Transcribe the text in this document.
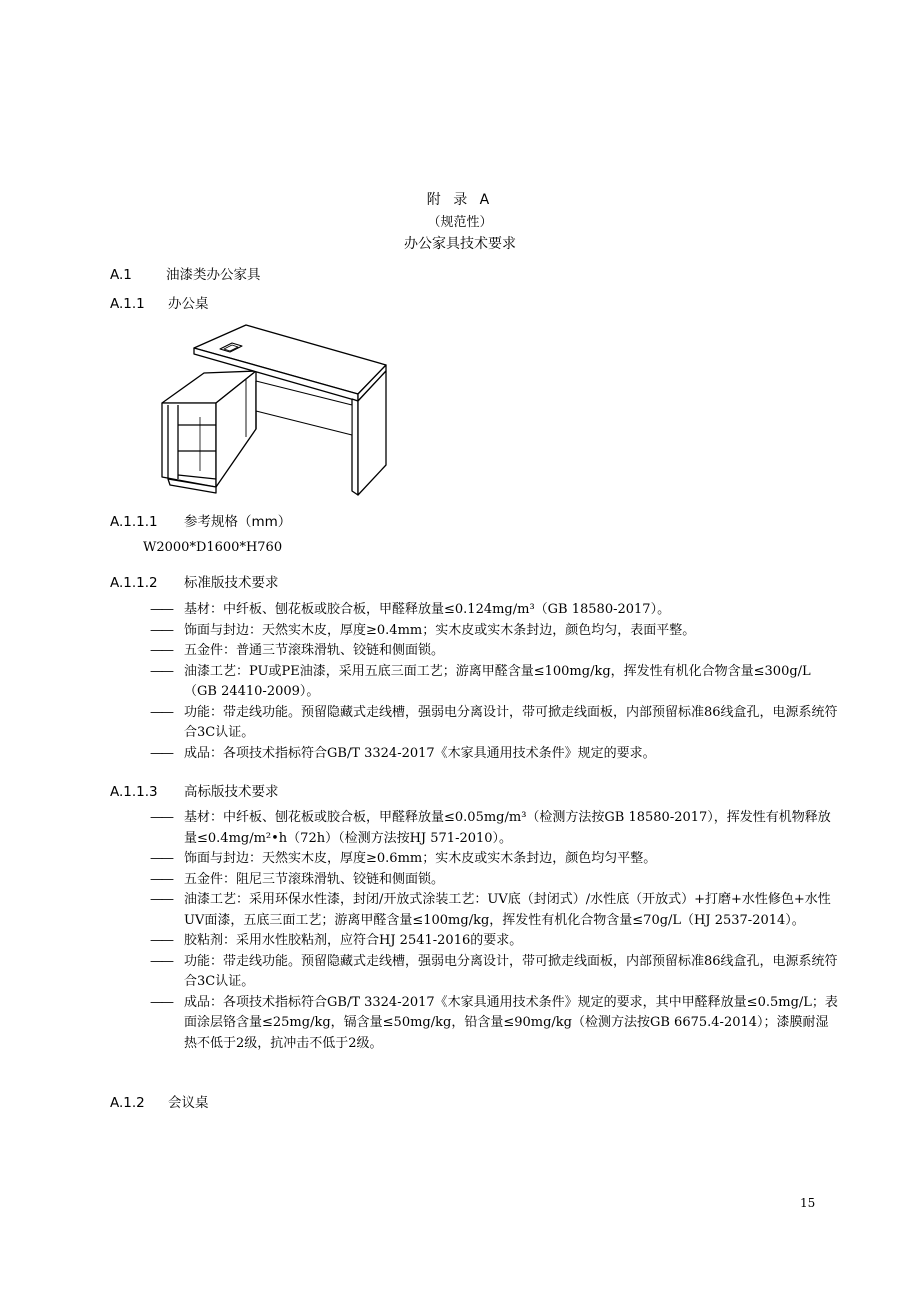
附 录 A
（规范性）
办公家具技术要求
A.1	油漆类办公家具
A.1.1 办公桌
A.1.1.1 参考规格（mm）
W2000*D1600*H760
A.1.1.2 标准版技术要求
—— 基材：中纤板、刨花板或胶合板，甲醛释放量≤0.124mg/m³（GB 18580-2017）。
—— 饰面与封边：天然实木皮，厚度≥0.4mm；实木皮或实木条封边，颜色均匀，表面平整。
—— 五金件：普通三节滚珠滑轨、铰链和侧面锁。
—— 油漆工艺：PU或PE油漆，采用五底三面工艺；游离甲醛含量≤100mg/kg，挥发性有机化合物含量≤300g/L（GB 24410-2009）。
—— 功能：带走线功能。预留隐藏式走线槽，强弱电分离设计，带可掀走线面板，内部预留标准86线盒孔，电源系统符合3C认证。
—— 成品：各项技术指标符合GB/T 3324-2017《木家具通用技术条件》规定的要求。
A.1.1.3 高标版技术要求
—— 基材：中纤板、刨花板或胶合板，甲醛释放量≤0.05mg/m³（检测方法按GB 18580-2017），挥发性有机物释放量≤0.4mg/m²•h（72h）（检测方法按HJ 571-2010）。
—— 饰面与封边：天然实木皮，厚度≥0.6mm；实木皮或实木条封边，颜色均匀平整。
—— 五金件：阻尼三节滚珠滑轨、铰链和侧面锁。
—— 油漆工艺：采用环保水性漆，封闭/开放式涂装工艺：UV底（封闭式）/水性底（开放式）+打磨+水性修色+水性UV面漆，五底三面工艺；游离甲醛含量≤100mg/kg，挥发性有机化合物含量≤70g/L（HJ 2537-2014）。
—— 胶粘剂：采用水性胶粘剂，应符合HJ 2541-2016的要求。
—— 功能：带走线功能。预留隐藏式走线槽，强弱电分离设计，带可掀走线面板，内部预留标准86线盒孔，电源系统符合3C认证。
—— 成品：各项技术指标符合GB/T 3324-2017《木家具通用技术条件》规定的要求，其中甲醛释放量≤0.5mg/L；表面涂层铬含量≤25mg/kg，镉含量≤50mg/kg，铅含量≤90mg/kg（检测方法按GB 6675.4-2014）；漆膜耐湿热不低于2级，抗冲击不低于2级。
A.1.2 会议桌
15
